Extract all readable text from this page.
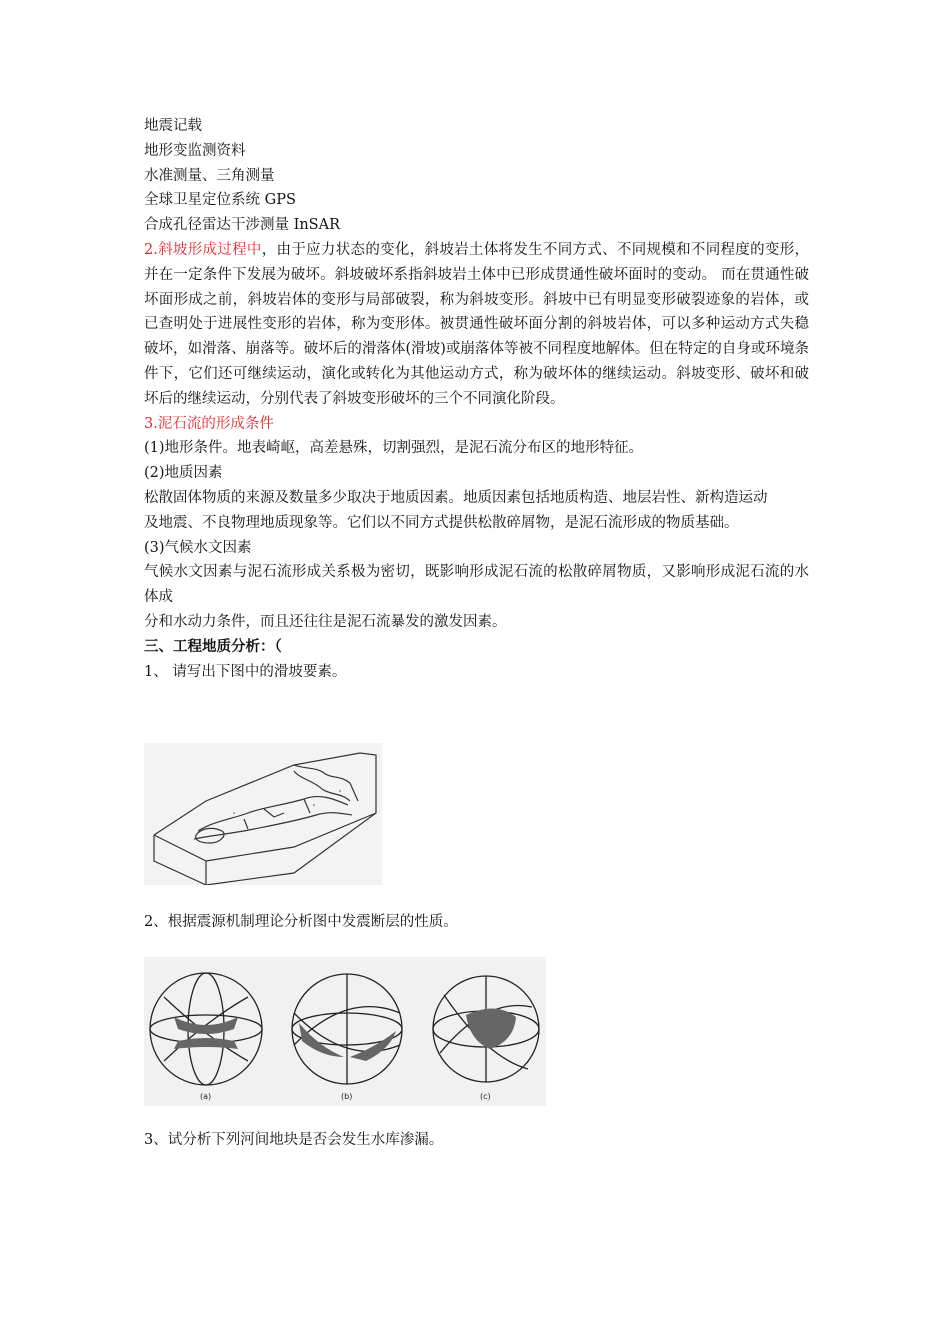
地震记载
地形变监测资料
水准测量、三角测量
全球卫星定位系统 GPS
合成孔径雷达干涉测量 InSAR
2.斜坡形成过程中，由于应力状态的变化，斜坡岩土体将发生不同方式、不同规模和不同程度的变形，并在一定条件下发展为破坏。斜坡破坏系指斜坡岩土体中已形成贯通性破坏面时的变动。 而在贯通性破坏面形成之前，斜坡岩体的变形与局部破裂，称为斜坡变形。斜坡中已有明显变形破裂迹象的岩体，或已查明处于进展性变形的岩体，称为变形体。被贯通性破坏面分割的斜坡岩体，可以多种运动方式失稳破坏，如滑落、崩落等。破坏后的滑落体(滑坡)或崩落体等被不同程度地解体。但在特定的自身或环境条件下，它们还可继续运动，演化或转化为其他运动方式，称为破坏体的继续运动。斜坡变形、破坏和破坏后的继续运动，分别代表了斜坡变形破坏的三个不同演化阶段。
3.泥石流的形成条件
(1)地形条件。地表崎岖，高差悬殊，切割强烈，是泥石流分布区的地形特征。
(2)地质因素
松散固体物质的来源及数量多少取决于地质因素。地质因素包括地质构造、地层岩性、新构造运动
及地震、不良物理地质现象等。它们以不同方式提供松散碎屑物，是泥石流形成的物质基础。
(3)气候水文因素
气候水文因素与泥石流形成关系极为密切，既影响形成泥石流的松散碎屑物质，又影响形成泥石流的水体成
分和水动力条件，而且还往往是泥石流暴发的激发因素。
三、工程地质分析：（
1、 请写出下图中的滑坡要素。
2、根据震源机制理论分析图中发震断层的性质。
(a)	(b)	(c)
3、试分析下列河间地块是否会发生水库渗漏。
